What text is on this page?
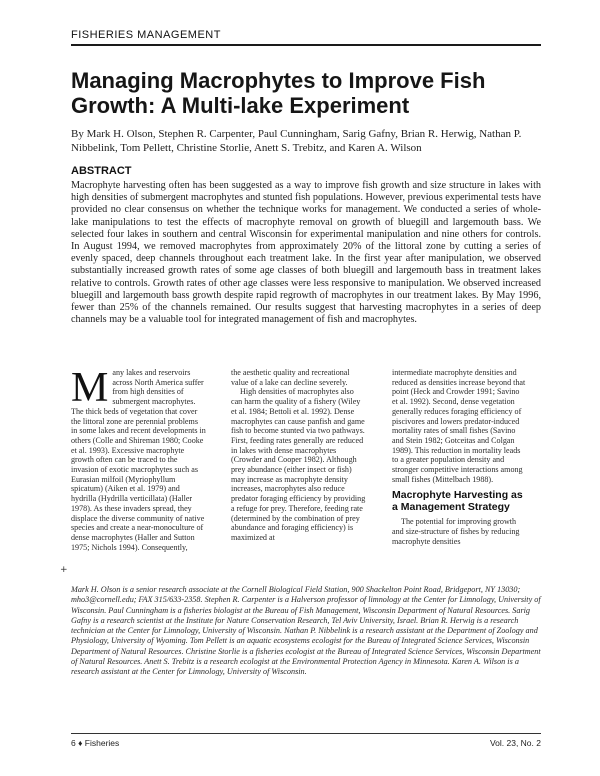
FISHERIES MANAGEMENT
Managing Macrophytes to Improve Fish Growth: A Multi-lake Experiment
By Mark H. Olson, Stephen R. Carpenter, Paul Cunningham, Sarig Gafny, Brian R. Herwig, Nathan P. Nibbelink, Tom Pellett, Christine Storlie, Anett S. Trebitz, and Karen A. Wilson
ABSTRACT
Macrophyte harvesting often has been suggested as a way to improve fish growth and size structure in lakes with high densities of submergent macrophytes and stunted fish populations. However, previous experimental tests have provided no clear consensus on whether the technique works for management. We conducted a series of whole-lake manipulations to test the effects of macrophyte removal on growth of bluegill and largemouth bass. We selected four lakes in southern and central Wisconsin for experimental manipulation and nine others for controls. In August 1994, we removed macrophytes from approximately 20% of the littoral zone by cutting a series of evenly spaced, deep channels throughout each treatment lake. In the first year after manipulation, we observed substantially increased growth rates of some age classes of both bluegill and largemouth bass in treatment lakes relative to controls. Growth rates of other age classes were less responsive to manipulation. We observed increased bluegill and largemouth bass growth despite rapid regrowth of macrophytes in our treatment lakes. By May 1996, fewer than 25% of the channels remained. Our results suggest that harvesting macrophytes in a series of deep channels may be a valuable tool for integrated management of fish and macrophytes.
M any lakes and reservoirs across North America suffer from high densities of submergent macrophytes. The thick beds of vegetation that cover the littoral zone are perennial problems in some lakes and recent developments in others (Colle and Shireman 1980; Cooke et al. 1993). Excessive macrophyte growth often can be traced to the invasion of exotic macrophytes such as Eurasian milfoil (Myriophyllum spicatum) (Aiken et al. 1979) and hydrilla (Hydrilla verticillata) (Haller 1978). As these invaders spread, they displace the diverse community of native species and create a near-monoculture of dense macrophytes (Haller and Sutton 1975; Nichols 1994). Consequently,

the aesthetic quality and recreational value of a lake can decline severely.

High densities of macrophytes also can harm the quality of a fishery (Wiley et al. 1984; Bettoli et al. 1992). Dense macrophytes can cause panfish and game fish to become stunted via two pathways. First, feeding rates generally are reduced in lakes with dense macrophytes (Crowder and Cooper 1982). Although prey abundance (either insect or fish) may increase as macrophyte density increases, macrophytes also reduce predator foraging efficiency by providing a refuge for prey. Therefore, feeding rate (determined by the combination of prey abundance and foraging efficiency) is maximized at

intermediate macrophyte densities and reduced as densities increase beyond that point (Heck and Crowder 1991; Savino et al. 1992). Second, dense vegetation generally reduces foraging efficiency of piscivores and lowers predator-induced mortality rates of small fishes (Savino and Stein 1982; Gotceitas and Colgan 1989). This reduction in mortality leads to a greater population density and stronger competitive interactions among small fishes (Mittelbach 1988).

Macrophyte Harvesting as a Management Strategy

The potential for improving growth and size-structure of fishes by reducing macrophyte densities

+
Mark H. Olson is a senior research associate at the Cornell Biological Field Station, 900 Shackelton Point Road, Bridgeport, NY 13030; mho3@cornell.edu; FAX 315/633-2358. Stephen R. Carpenter is a Halverson professor of limnology at the Center for Limnology, University of Wisconsin. Paul Cunningham is a fisheries biologist at the Bureau of Fish Management, Wisconsin Department of Natural Resources. Sarig Gafny is a research scientist at the Institute for Nature Conservation Research, Tel Aviv University, Israel. Brian R. Herwig is a research technician at the Center for Limnology, University of Wisconsin. Nathan P. Nibbelink is a research assistant at the Department of Zoology and Physiology, University of Wyoming. Tom Pellett is an aquatic ecosystems ecologist for the Bureau of Integrated Science Services, Wisconsin Department of Natural Resources. Christine Storlie is a fisheries ecologist at the Bureau of Integrated Science Services, Wisconsin Department of Natural Resources. Anett S. Trebitz is a research ecologist at the Environmental Protection Agency in Minnesota. Karen A. Wilson is a research assistant at the Center for Limnology, University of Wisconsin.
6 ♦ Fisheries	Vol. 23, No. 2
